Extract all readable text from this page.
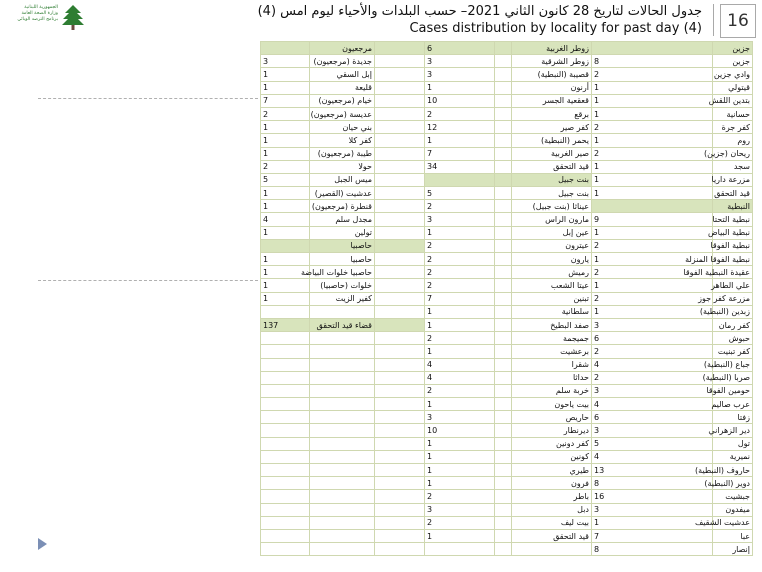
الجمهورية اللبنانية
وزارة الصحة العامة
برنامج الترصد الوبائي
جدول الحالات لتاريخ 28 كانون الثاني 2021– حسب البلدات والأحياء ليوم امس (4)
Cases distribution by locality for past day (4)	16
	مرجعيون		6		زوطر الغربية		جزين
3	جديدة (مرجعيون)		3		زوطر الشرقية	8	جزين
1	إبل السقي		3		قصيبة (النبطية)	2	وادي جزين
1	قليعة		1		أرنون	1	قيتولي
7	خيام (مرجعيون)		10		قعقعية الجسر	1	بتدين اللقش
2	عديسة (مرجعيون)		2		برقع	1	حسانية
1	بني حيان		12		كفر صير	2	كفر جرة
1	كفر كلا		1		يحمر (النبطية)	1	روم
1	طيبة (مرجعيون)		7		صير الغربية	2	ريحان (جزين)
2	حولا		34		قيد التحقق	1	سجد
5	ميس الجبل				بنت جبيل	1	مزرعة داريا
1	عدشيت (القصير)		5		بنت جبيل	1	قيد التحقق
1	قنطرة (مرجعيون)		2		عيناثا (بنت جبيل)		النبطية
4	مجدل سلم		3		مارون الراس	9	نبطية التحتا
1	تولين		1		عين إبل	1	نبطية البياض
	حاصبيا		2		عيترون	2	نبطية الفوقا
1	حاصبيا		2		يارون	1	نبطية الفوقا المنزلة
1	حاصبيا خلوات البياضة		2		رميش	2	عقيدة النبطية الفوقا
1	خلوات (حاصبيا)		2		عيتا الشعب	1	علي الطاهر
1	كفير الزيت		7		تبنين	2	مزرعة كفر جوز
			1		سلطانية	1	زبدين (النبطية)
137	قضاء قيد التحقق		1		صفد البطيخ	3	كفر رمان
			2		جميجمة	6	حبوش
			1		برعشيت	2	كفر تبنيت
			4		شقرا	4	جباع (النبطية)
			4		حداثا	2	صربا (النبطية)
			2		خربة سلم	3	حومين الفوقا
			1		بيت ياحون	4	عرب صاليم
			3		حاريص	6	زفتا
			10		ديرنطار	3	دير الزهراني
			1		كفر دونين	5	تول
			1		كونين	4	نميرية
			1		طيري	13	حاروف (النبطية)
			1		فرون	8	دوير (النبطية)
			2		باطر	16	جبشيت
			3		دبل	3	ميفدون
			2		بيت ليف	1	عدشيت الشقيف
			1		قيد التحقق	7	عبا
						8	إنصار
